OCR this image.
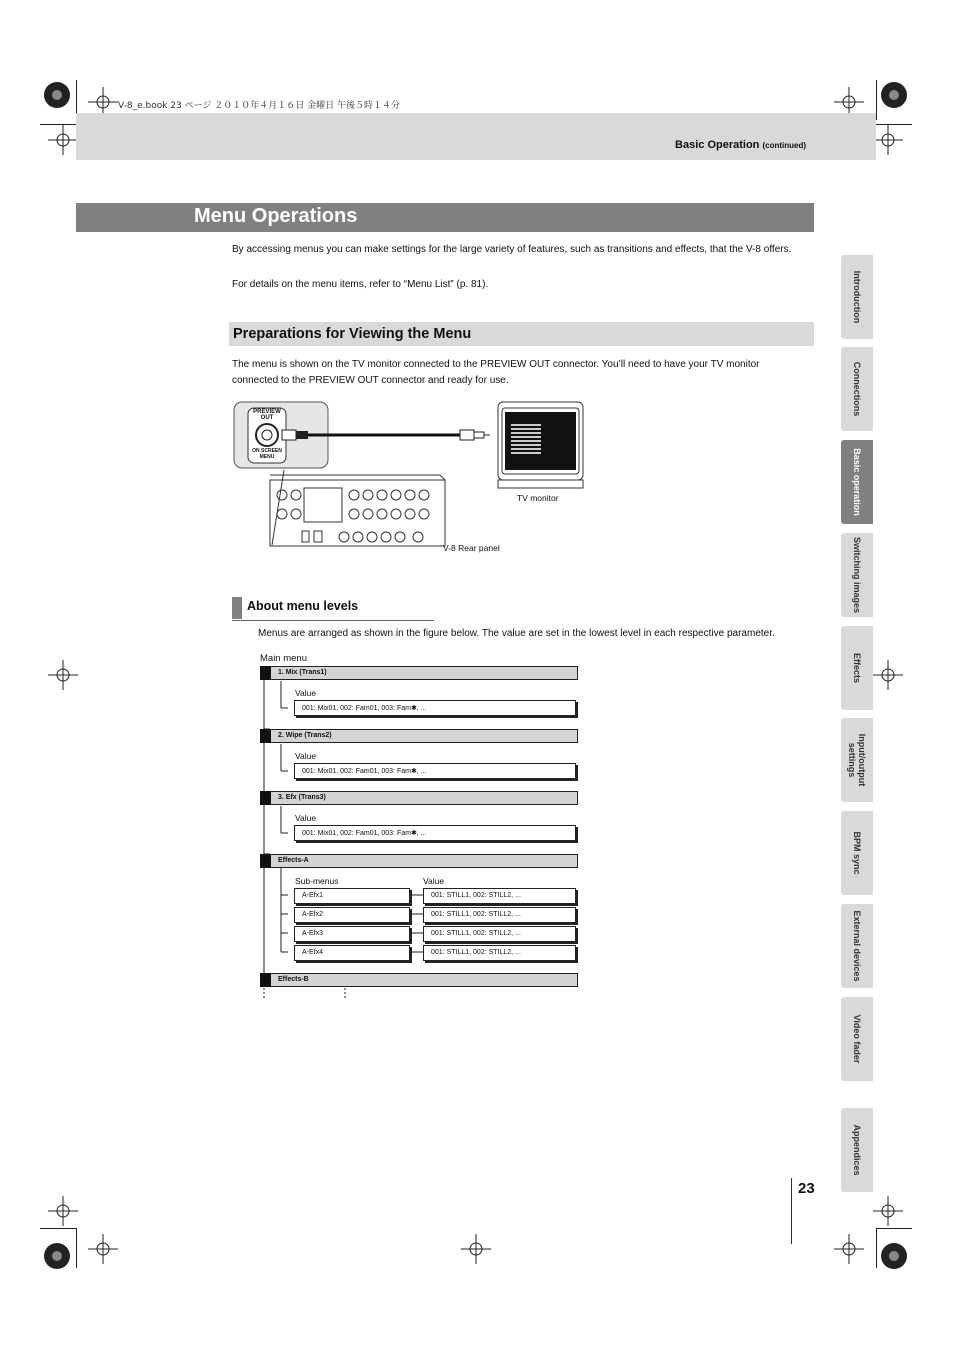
V-8_e.book 23 ページ ２０１０年４月１６日 金曜日 午後５時１４分
Basic Operation (continued)
Menu Operations
By accessing menus you can make settings for the large variety of features, such as transitions and effects, that the V-8 offers.
For details on the menu items, refer to “Menu List” (p. 81).
Preparations for Viewing the Menu
The menu is shown on the TV monitor connected to the PREVIEW OUT connector. You’ll need to have your TV monitor connected to the PREVIEW OUT connector and ready for use.
PREVIEW OUT
ON SCREEN MENU
TV monitor
V-8 Rear panel
About menu levels
Menus are arranged as shown in the figure below. The value are set in the lowest level in each respective parameter.
Main menu
1. Mix (Trans1)
Value
001: Mix01, 002: Fam01, 003: Fam✱, ...
2. Wipe (Trans2)
Value
001: Mix01, 002: Fam01, 003: Fam✱, ...
3. Efx (Trans3)
Value
001: Mix01, 002: Fam01, 003: Fam✱, ...
Effects-A
Sub-menus	Value
A-Efx1	001: STILL1, 002: STILL2, ...
A-Efx2	001: STILL1, 002: STILL2, ...
A-Efx3	001: STILL1, 002: STILL2, ...
A-Efx4	001: STILL1, 002: STILL2, ...
Effects-B
Introduction
Connections
Basic operation
Switching images
Effects
Input/output settings
BPM sync
External devices
Video fader
Appendices
23
